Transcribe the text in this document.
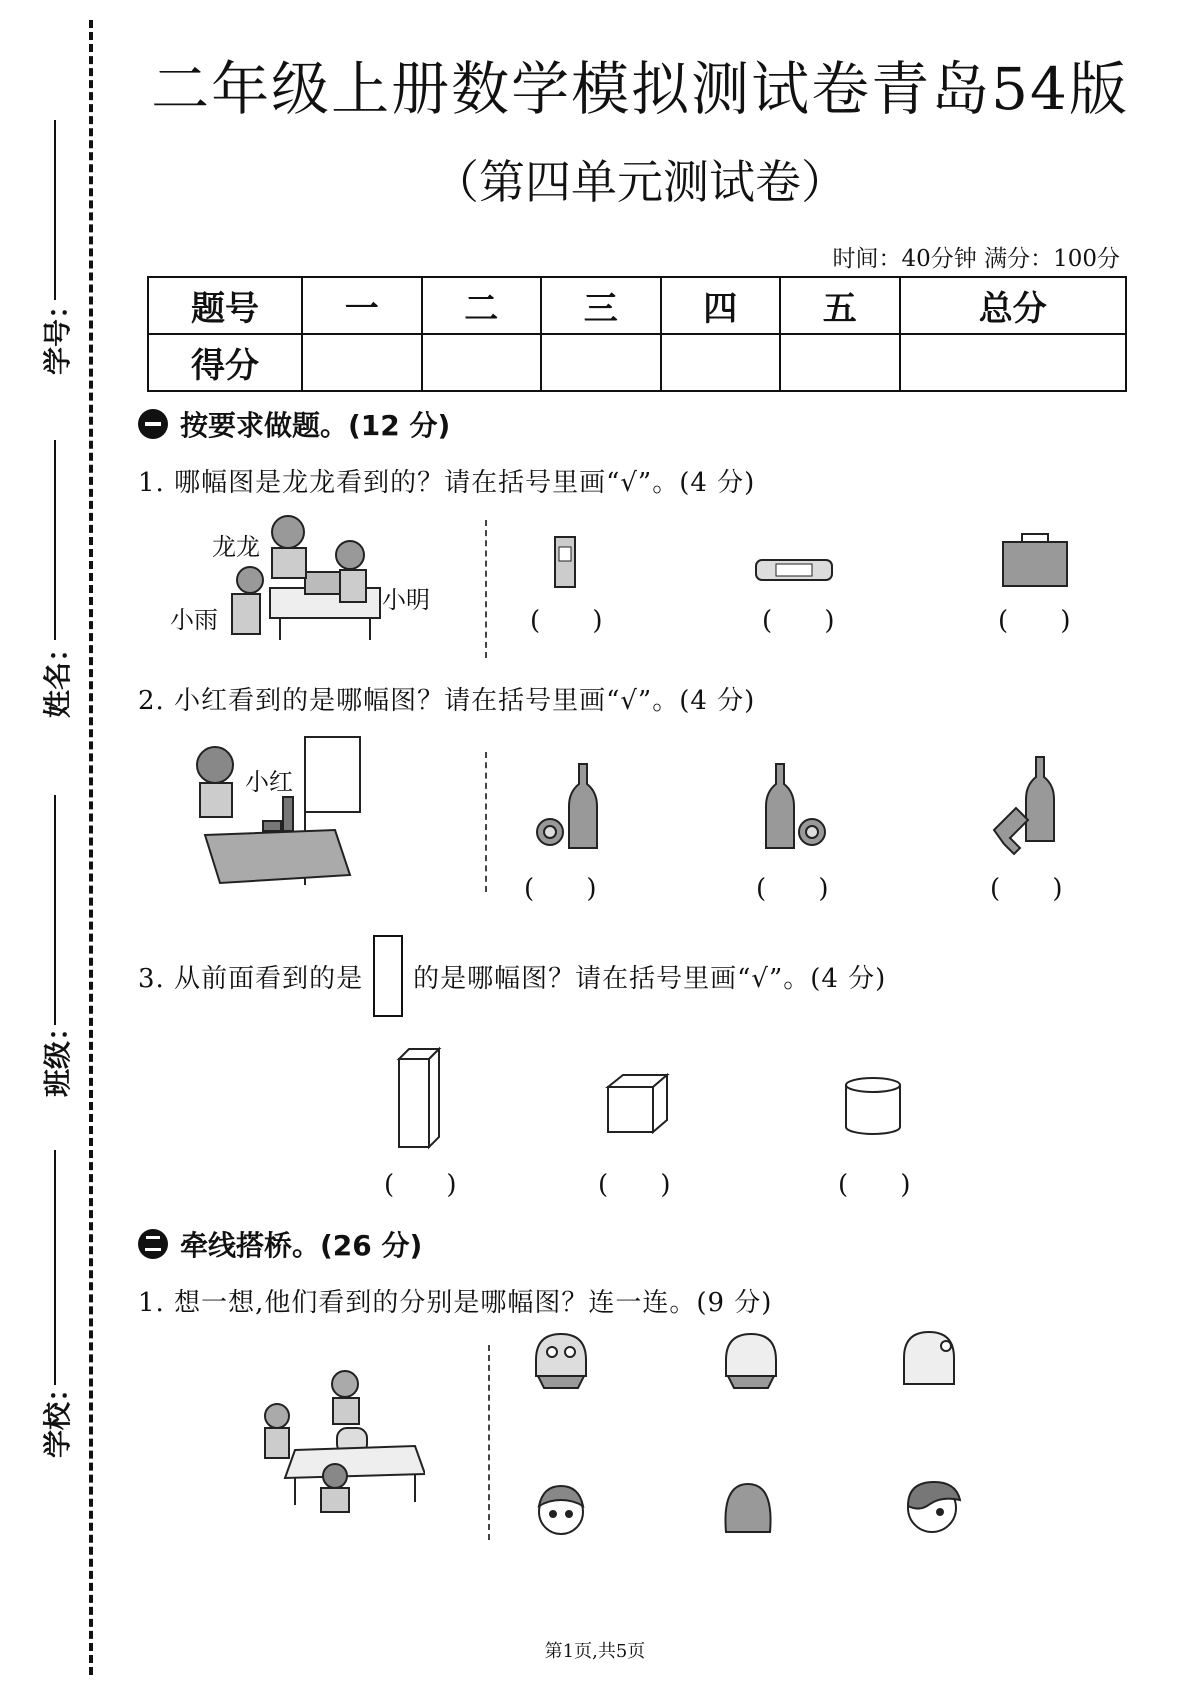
学号：
姓名：
班级：
学校：
二年级上册数学模拟测试卷青岛54版
（第四单元测试卷）
时间：40分钟 满分：100分
题号	一	二	三	四	五	总分
得分						
按要求做题。(12 分)
1. 哪幅图是龙龙看到的？请在括号里画“√”。(4 分)
龙龙
小雨
小明
( )	( )	( )
2. 小红看到的是哪幅图？请在括号里画“√”。(4 分)
小红
( )	( )	( )
3. 从前面看到的是 的是哪幅图？请在括号里画“√”。(4 分)
( )	( )	( )
牵线搭桥。(26 分)
1. 想一想,他们看到的分别是哪幅图？连一连。(9 分)
第1页,共5页
